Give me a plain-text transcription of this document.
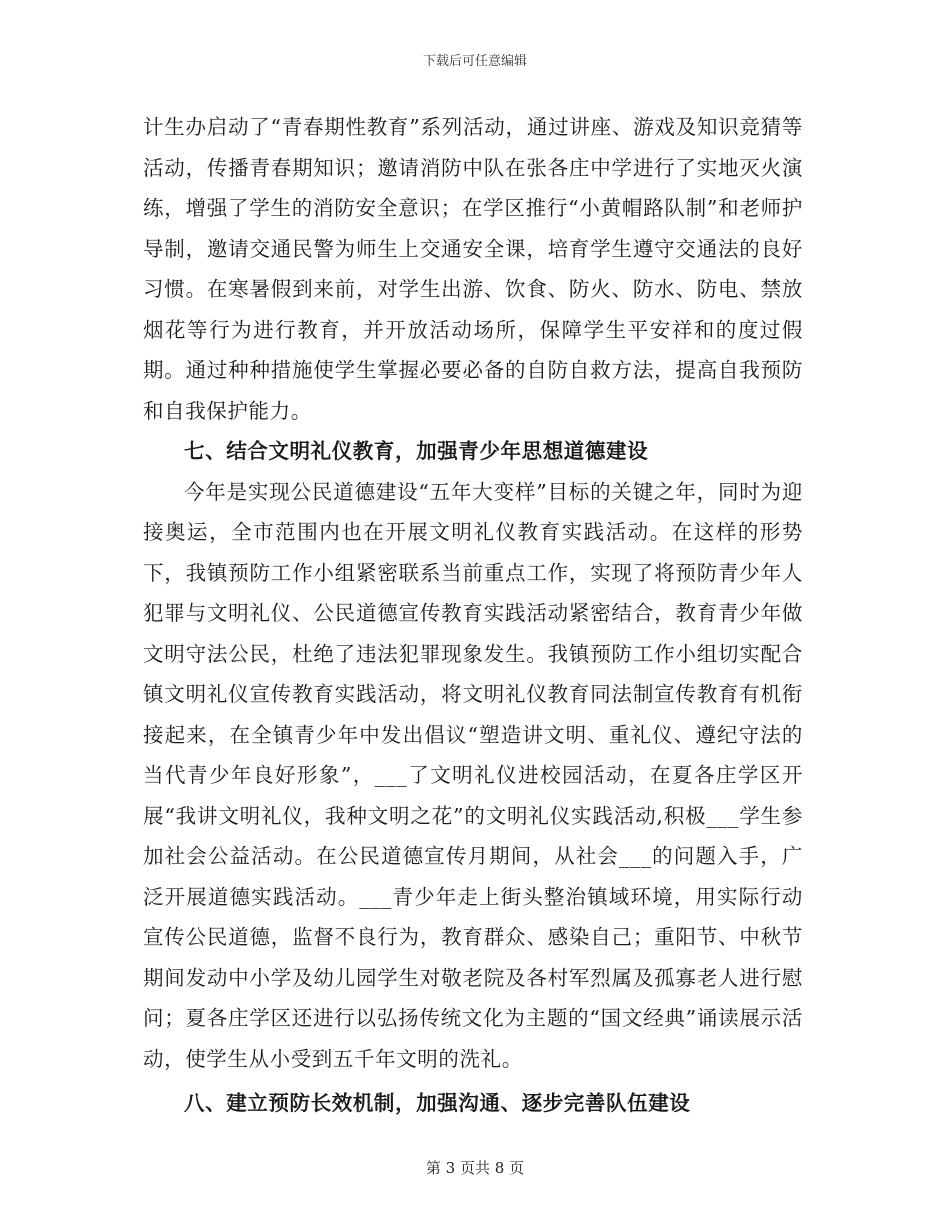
下载后可任意编辑

计生办启动了“青春期性教育”系列活动，通过讲座、游戏及知识竞猜等活动，传播青春期知识；邀请消防中队在张各庄中学进行了实地灭火演练，增强了学生的消防安全意识；在学区推行“小黄帽路队制”和老师护导制，邀请交通民警为师生上交通安全课，培育学生遵守交通法的良好习惯。在寒暑假到来前，对学生出游、饮食、防火、防水、防电、禁放烟花等行为进行教育，并开放活动场所，保障学生平安祥和的度过假期。通过种种措施使学生掌握必要必备的自防自救方法，提高自我预防和自我保护能力。

七、结合文明礼仪教育，加强青少年思想道德建设

今年是实现公民道德建设“五年大变样”目标的关键之年，同时为迎接奥运，全市范围内也在开展文明礼仪教育实践活动。在这样的形势下，我镇预防工作小组紧密联系当前重点工作，实现了将预防青少年人犯罪与文明礼仪、公民道德宣传教育实践活动紧密结合，教育青少年做文明守法公民，杜绝了违法犯罪现象发生。我镇预防工作小组切实配合镇文明礼仪宣传教育实践活动，将文明礼仪教育同法制宣传教育有机衔接起来，在全镇青少年中发出倡议“塑造讲文明、重礼仪、遵纪守法的当代青少年良好形象”，___了文明礼仪进校园活动，在夏各庄学区开展“我讲文明礼仪，我种文明之花”的文明礼仪实践活动,积极___学生参加社会公益活动。在公民道德宣传月期间，从社会___的问题入手，广泛开展道德实践活动。___青少年走上街头整治镇域环境，用实际行动宣传公民道德，监督不良行为，教育群众、感染自己；重阳节、中秋节期间发动中小学及幼儿园学生对敬老院及各村军烈属及孤寡老人进行慰问；夏各庄学区还进行以弘扬传统文化为主题的“国文经典”诵读展示活动，使学生从小受到五千年文明的洗礼。

八、建立预防长效机制，加强沟通、逐步完善队伍建设

第 3 页共 8 页
